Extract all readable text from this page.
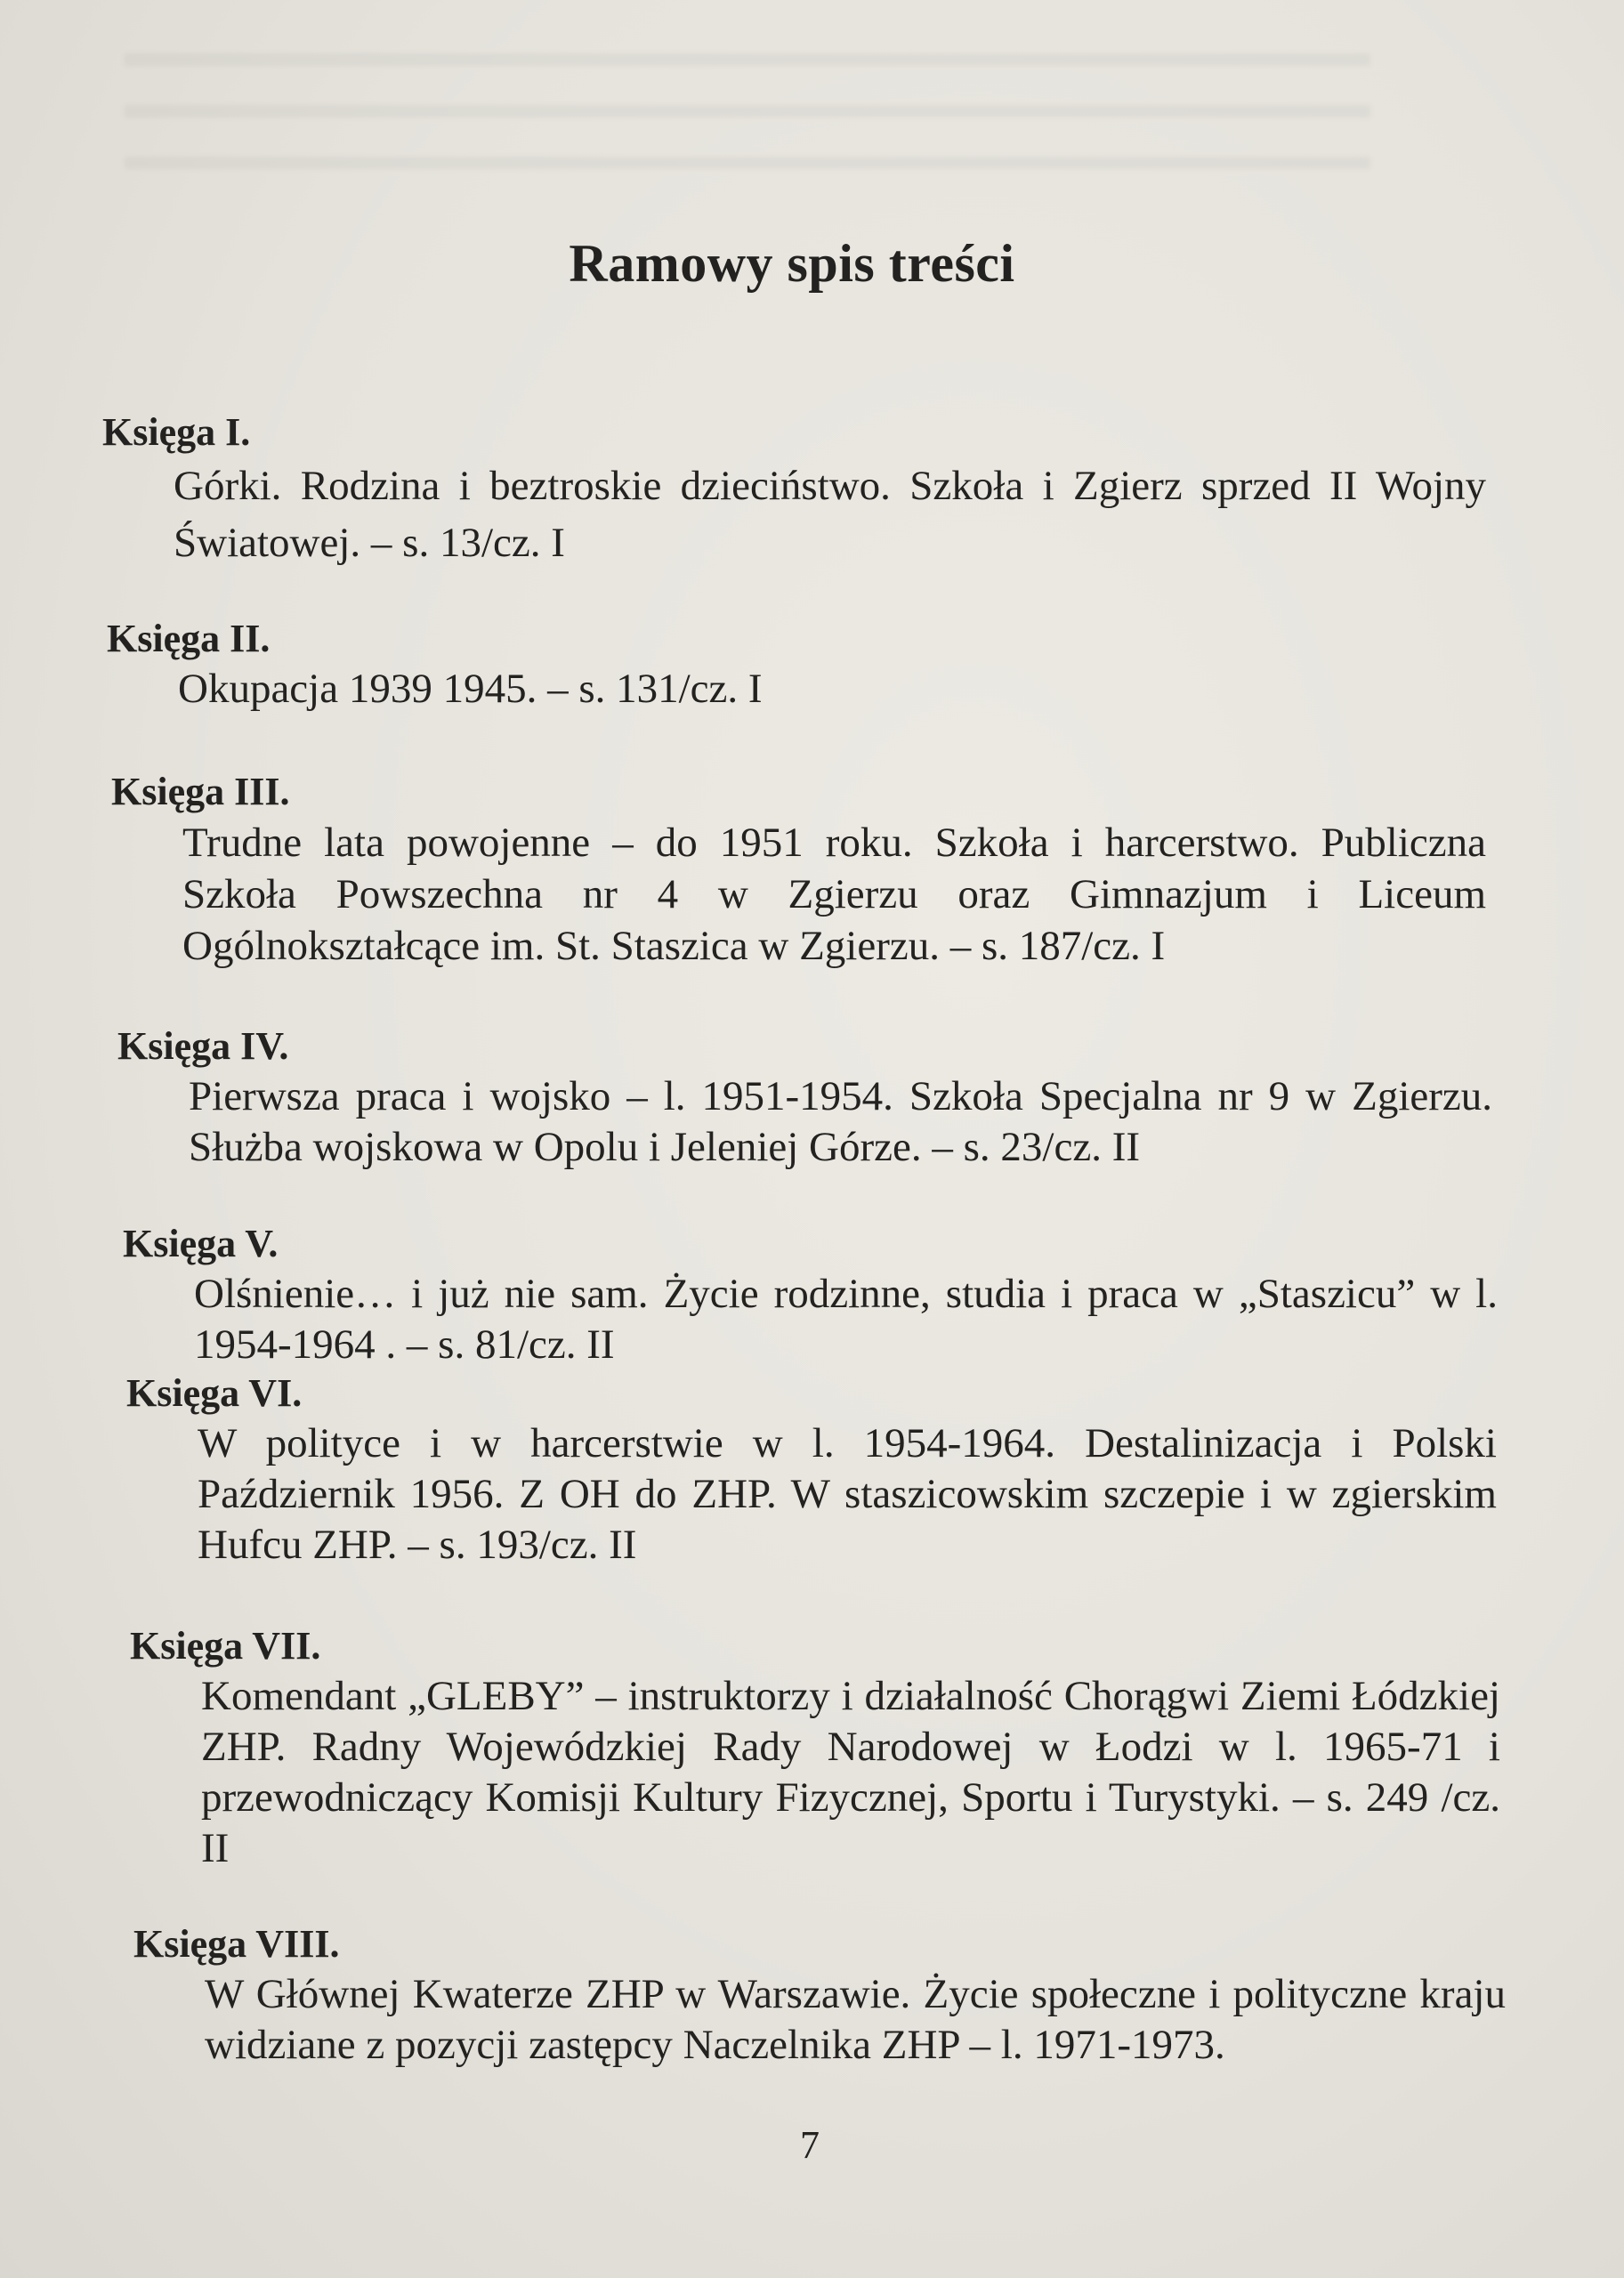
Ramowy spis treści
Księga I.
Górki. Rodzina i beztroskie dzieciństwo. Szkoła i Zgierz sprzed II Wojny Światowej. – s. 13/cz. I
Księga II.
Okupacja 1939 1945. – s. 131/cz. I
Księga III.
Trudne lata powojenne – do 1951 roku. Szkoła i harcerstwo. Publiczna Szkoła Powszechna nr 4 w Zgierzu oraz Gimnazjum i Liceum Ogólnokształcące im. St. Staszica w Zgierzu. – s. 187/cz. I
Księga IV.
Pierwsza praca i wojsko – l. 1951-1954. Szkoła Specjalna nr 9 w Zgierzu. Służba wojskowa w Opolu i Jeleniej Górze. – s. 23/cz. II
Księga V.
Olśnienie… i już nie sam. Życie rodzinne, studia i praca w „Staszicu” w l. 1954-1964 . – s. 81/cz. II
Księga VI.
W polityce i w harcerstwie w l. 1954-1964. Destalinizacja i Polski Październik 1956. Z OH do ZHP. W staszicowskim szczepie i w zgierskim Hufcu ZHP. – s. 193/cz. II
Księga VII.
Komendant „GLEBY” – instruktorzy i działalność Chorągwi Ziemi Łódzkiej ZHP. Radny Wojewódzkiej Rady Narodowej w Łodzi w l. 1965-71 i przewodniczący Komisji Kultury Fizycznej, Sportu i Turystyki. – s. 249 /cz. II
Księga VIII.
W Głównej Kwaterze ZHP w Warszawie. Życie społeczne i polityczne kraju widziane z pozycji zastępcy Naczelnika ZHP – l. 1971-1973.
7
